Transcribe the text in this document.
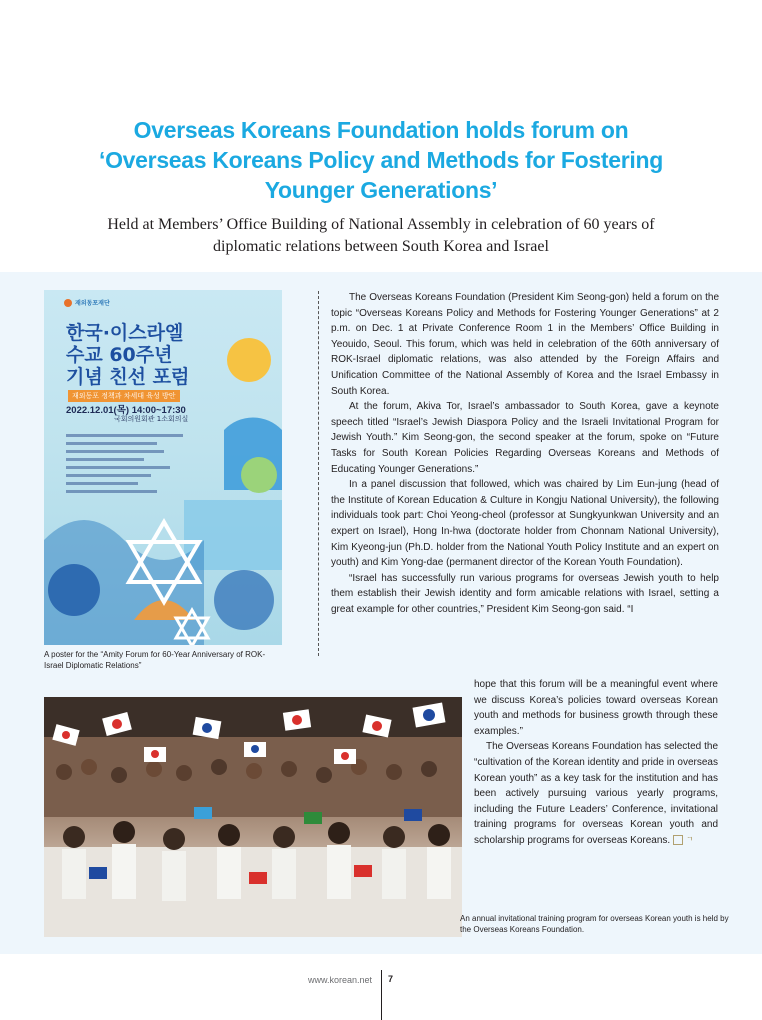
Overseas Koreans Foundation holds forum on
‘Overseas Koreans Policy and Methods for Fostering
Younger Generations’
Held at Members’ Office Building of National Assembly in celebration of 60 years of
diplomatic relations between South Korea and Israel
재외동포재단
한국·이스라엘
수교 60주년
기념 친선 포럼
재외동포 정책과 차세대 육성 방안
2022.12.01(목) 14:00~17:30
국회의원회관 1소회의실
A poster for the “Amity Forum for 60-Year Anniversary of ROK-Israel Diplomatic Relations”

The Overseas Koreans Foundation (President Kim Seong-gon) held a forum on the topic “Overseas Koreans Policy and Methods for Fostering Younger Generations” at 2 p.m. on Dec. 1 at Private Conference Room 1 in the Members’ Office Building in Yeouido, Seoul. This forum, which was held in celebration of the 60th anniversary of ROK-Israel diplomatic relations, was also attended by the Foreign Affairs and Unification Committee of the National Assembly of Korea and the Israel Embassy in South Korea.

At the forum, Akiva Tor, Israel’s ambassador to South Korea, gave a keynote speech titled “Israel’s Jewish Diaspora Policy and the Israeli Invitational Program for Jewish Youth.” Kim Seong-gon, the second speaker at the forum, spoke on “Future Tasks for South Korean Policies Regarding Overseas Koreans and Methods of Educating Younger Generations.”

In a panel discussion that followed, which was chaired by Lim Eun-jung (head of the Institute of Korean Education & Culture in Kongju National University), the following individuals took part: Choi Yeong-cheol (professor at Sungkyunkwan University and an expert on Israel), Hong In-hwa (doctorate holder from Chonnam National University), Kim Kyeong-jun (Ph.D. holder from the National Youth Policy Institute and an expert on youth) and Kim Yong-dae (permanent director of the Korean Youth Foundation).

“Israel has successfully run various programs for overseas Jewish youth to help them establish their Jewish identity and form amicable relations with Israel, setting a great example for other countries,” President Kim Seong-gon said. “I

hope that this forum will be a meaningful event where we discuss Korea’s policies toward overseas Korean youth and methods for business growth through these examples.”

The Overseas Koreans Foundation has selected the “cultivation of the Korean identity and pride in overseas Korean youth” as a key task for the institution and has been actively pursuing various yearly programs, including the Future Leaders’ Conference, invitational training programs for overseas Korean youth and scholarship programs for overseas Koreans. ㄱ

An annual invitational training program for overseas Korean youth is held by the Overseas Koreans Foundation.
www.korean.net 7
